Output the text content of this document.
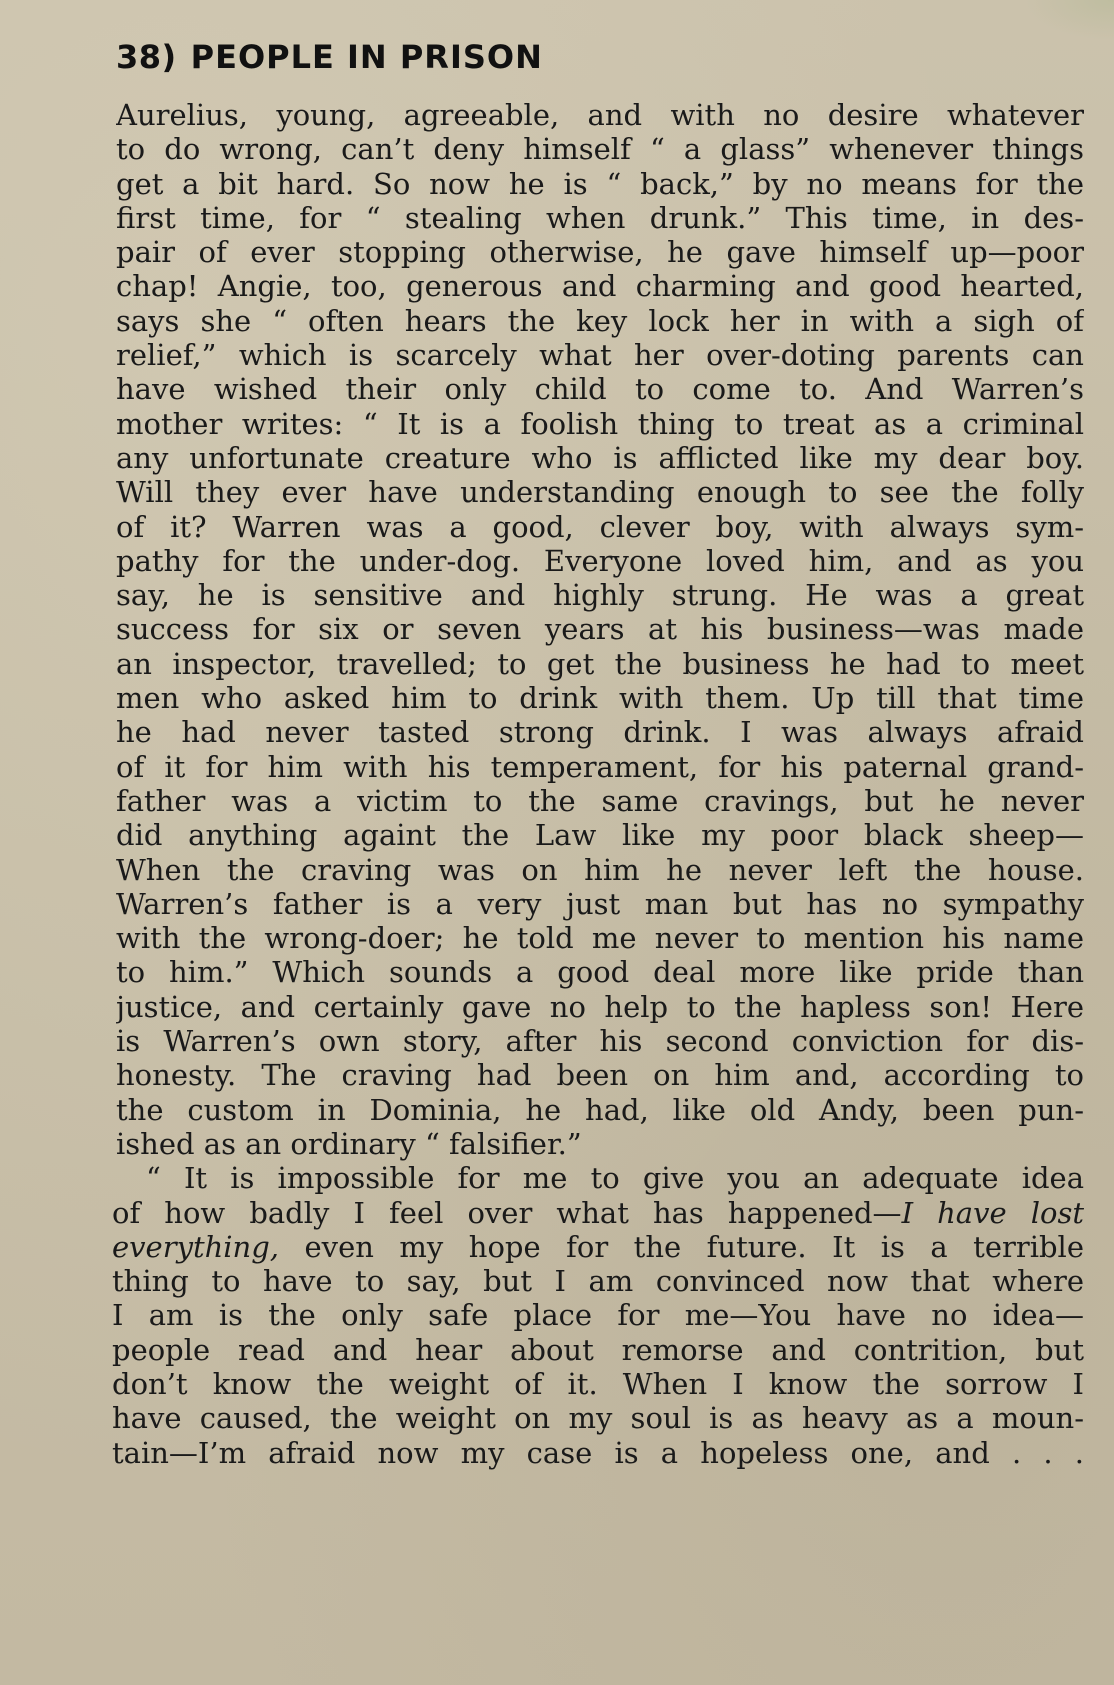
38) PEOPLE IN PRISON
Aurelius, young, agreeable, and with no desire whatever
to do wrong, can’t deny himself “ a glass” whenever things
get a bit hard. So now he is “ back,” by no means for the
first time, for “ stealing when drunk.” This time, in des-
pair of ever stopping otherwise, he gave himself up—poor
chap! Angie, too, generous and charming and good hearted,
says she “ often hears the key lock her in with a sigh of
relief,” which is scarcely what her over-doting parents can
have wished their only child to come to. And Warren’s
mother writes: “ It is a foolish thing to treat as a criminal
any unfortunate creature who is afflicted like my dear boy.
Will they ever have understanding enough to see the folly
of it? Warren was a good, clever boy, with always sym-
pathy for the under-dog. Everyone loved him, and as you
say, he is sensitive and highly strung. He was a great
success for six or seven years at his business—was made
an inspector, travelled; to get the business he had to meet
men who asked him to drink with them. Up till that time
he had never tasted strong drink. I was always afraid
of it for him with his temperament, for his paternal grand-
father was a victim to the same cravings, but he never
did anything againt the Law like my poor black sheep—
When the craving was on him he never left the house.
Warren’s father is a very just man but has no sympathy
with the wrong-doer; he told me never to mention his name
to him.” Which sounds a good deal more like pride than
justice, and certainly gave no help to the hapless son! Here
is Warren’s own story, after his second conviction for dis-
honesty. The craving had been on him and, according to
the custom in Dominia, he had, like old Andy, been pun-
ished as an ordinary “ falsifier.”
“ It is impossible for me to give you an adequate idea
of how badly I feel over what has happened—I have lost
everything, even my hope for the future. It is a terrible
thing to have to say, but I am convinced now that where
I am is the only safe place for me—You have no idea—
people read and hear about remorse and contrition, but
don’t know the weight of it. When I know the sorrow I
have caused, the weight on my soul is as heavy as a moun-
tain—I’m afraid now my case is a hopeless one, and . . .
